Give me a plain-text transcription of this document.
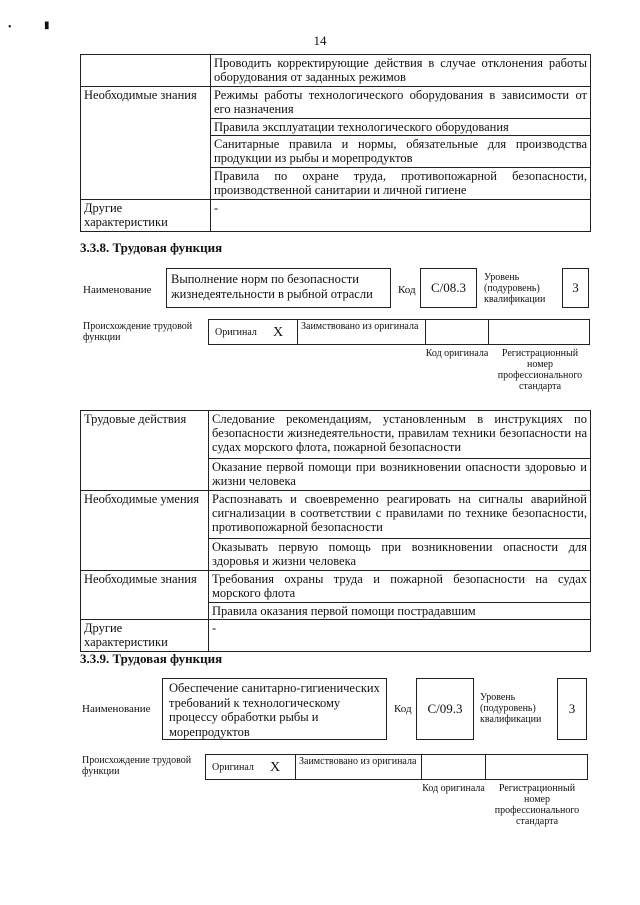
•	▮
14
	Проводить корректирующие действия в случае отклонения работы оборудования от заданных режимов
Необходимые знания	Режимы работы технологического оборудования в зависимости от его назначения
	Правила эксплуатации технологического оборудования
	Санитарные правила и нормы, обязательные для производства продукции из рыбы и морепродуктов
	Правила по охране труда, противопожарной безопасности, производственной санитарии и личной гигиене
Другие характеристики	-
3.3.8. Трудовая функция
Наименование
Выполнение норм по безопасности жизнедеятельности в рыбной отрасли	Код	C/08.3
Уровень (подуровень) квалификации
3
Происхождение трудовой функции	Оригинал X	Заимствовано из оригинала
Код оригинала	Регистрационный номер профессионального стандарта
Трудовые действия	Следование рекомендациям, установленным в инструкциях по безопасности жизнедеятельности, правилам техники безопасности на судах морского флота, пожарной безопасности
	Оказание первой помощи при возникновении опасности здоровью и жизни человека
Необходимые умения	Распознавать и своевременно реагировать на сигналы аварийной сигнализации в соответствии с правилами по технике безопасности, противопожарной безопасности
	Оказывать первую помощь при возникновении опасности для здоровья и жизни человека
Необходимые знания	Требования охраны труда и пожарной безопасности на судах морского флота
	Правила оказания первой помощи пострадавшим
Другие характеристики	-
3.3.9. Трудовая функция
Наименование
Обеспечение санитарно-гигиенических требований к технологическому процессу обработки рыбы и морепродуктов
Код	C/09.3
Уровень (подуровень) квалификации
3
Происхождение трудовой функции	Оригинал X	Заимствовано из оригинала
Код оригинала	Регистрационный номер профессионального стандарта
